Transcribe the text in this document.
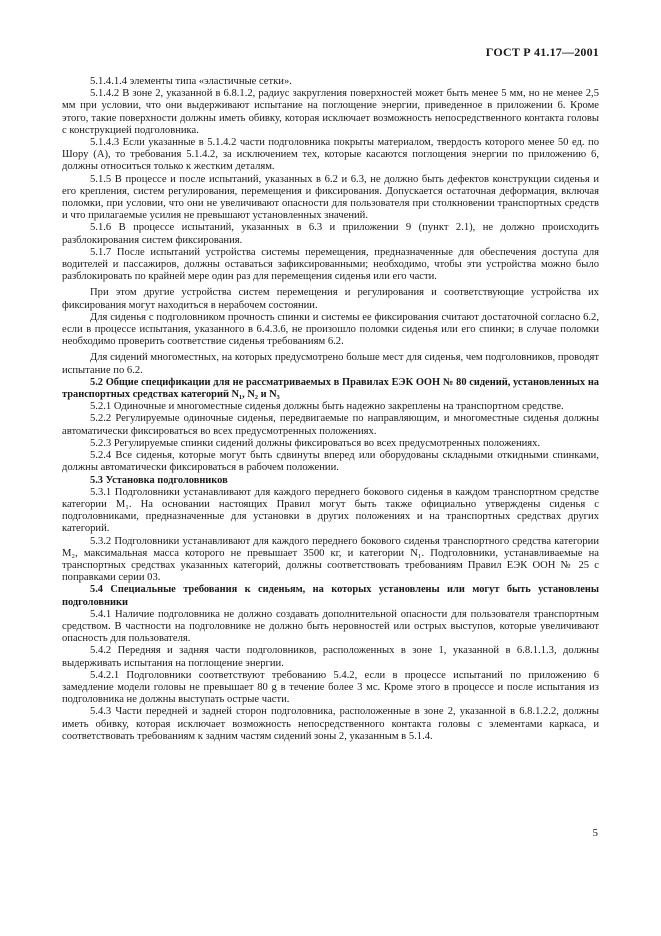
ГОСТ Р 41.17—2001

5.1.4.1.4 элементы типа «эластичные сетки».

5.1.4.2 В зоне 2, указанной в 6.8.1.2, радиус закругления поверхностей может быть менее 5 мм, но не менее 2,5 мм при условии, что они выдерживают испытание на поглощение энергии, приведенное в приложении 6. Кроме этого, такие поверхности должны иметь обивку, которая исключает возможность непосредственного контакта головы с конструкцией подголовника.

5.1.4.3 Если указанные в 5.1.4.2 части подголовника покрыты материалом, твердость которого менее 50 ед. по Шору (А), то требования 5.1.4.2, за исключением тех, которые касаются поглощения энергии по приложению 6, должны относиться только к жестким деталям.

5.1.5 В процессе и после испытаний, указанных в 6.2 и 6.3, не должно быть дефектов конструкции сиденья и его крепления, систем регулирования, перемещения и фиксирования. Допускается остаточная деформация, включая поломки, при условии, что они не увеличивают опасности для пользователя при столкновении транспортных средств и что прилагаемые усилия не превышают установленных значений.

5.1.6 В процессе испытаний, указанных в 6.3 и приложении 9 (пункт 2.1), не должно происходить разблокирования систем фиксирования.

5.1.7 После испытаний устройства системы перемещения, предназначенные для обеспечения доступа для водителей и пассажиров, должны оставаться зафиксированными; необходимо, чтобы эти устройства можно было разблокировать по крайней мере один раз для перемещения сиденья или его части.

При этом другие устройства систем перемещения и регулирования и соответствующие устройства их фиксирования могут находиться в нерабочем состоянии.

Для сиденья с подголовником прочность спинки и системы ее фиксирования считают достаточной согласно 6.2, если в процессе испытания, указанного в 6.4.3.6, не произошло поломки сиденья или его спинки; в случае поломки необходимо проверить соответствие сиденья требованиям 6.2.

Для сидений многоместных, на которых предусмотрено больше мест для сиденья, чем подголовников, проводят испытание по 6.2.

5.2 Общие спецификации для не рассматриваемых в Правилах ЕЭК ООН № 80 сидений, установленных на транспортных средствах категорий N₁, N₂ и N₃

5.2.1 Одиночные и многоместные сиденья должны быть надежно закреплены на транспортном средстве.

5.2.2 Регулируемые одиночные сиденья, передвигаемые по направляющим, и многоместные сиденья должны автоматически фиксироваться во всех предусмотренных положениях.

5.2.3 Регулируемые спинки сидений должны фиксироваться во всех предусмотренных положениях.

5.2.4 Все сиденья, которые могут быть сдвинуты вперед или оборудованы складными откидными спинками, должны автоматически фиксироваться в рабочем положении.

5.3 Установка подголовников

5.3.1 Подголовники устанавливают для каждого переднего бокового сиденья в каждом транспортном средстве категории M₁. На основании настоящих Правил могут быть также официально утверждены сиденья с подголовниками, предназначенные для установки в других положениях и на транспортных средствах других категорий.

5.3.2 Подголовники устанавливают для каждого переднего бокового сиденья транспортного средства категории M₂, максимальная масса которого не превышает 3500 кг, и категории N₁. Подголовники, устанавливаемые на транспортных средствах указанных категорий, должны соответствовать требованиям Правил ЕЭК ООН № 25 с поправками серии 03.

5.4 Специальные требования к сиденьям, на которых установлены или могут быть установлены подголовники

5.4.1 Наличие подголовника не должно создавать дополнительной опасности для пользователя транспортным средством. В частности на подголовнике не должно быть неровностей или острых выступов, которые увеличивают опасность для пользователя.

5.4.2 Передняя и задняя части подголовников, расположенных в зоне 1, указанной в 6.8.1.1.3, должны выдерживать испытания на поглощение энергии.

5.4.2.1 Подголовники соответствуют требованию 5.4.2, если в процессе испытаний по приложению 6 замедление модели головы не превышает 80 g в течение более 3 мс. Кроме этого в процессе и после испытания из подголовника не должны выступать острые части.

5.4.3 Части передней и задней сторон подголовника, расположенные в зоне 2, указанной в 6.8.1.2.2, должны иметь обивку, которая исключает возможность непосредственного контакта головы с элементами каркаса, и соответствовать требованиям к задним частям сидений зоны 2, указанным в 5.1.4.

5
